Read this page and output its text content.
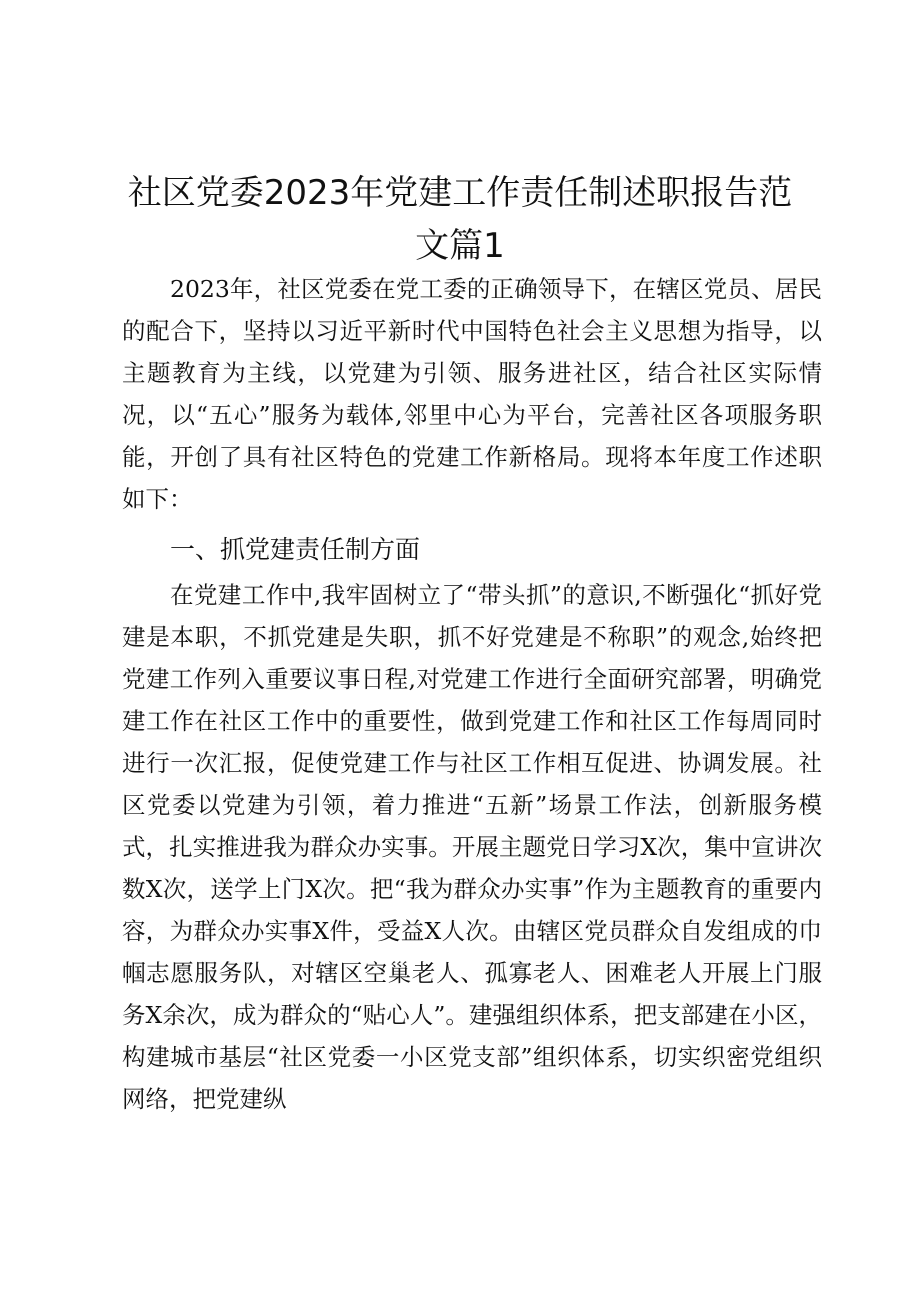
社区党委2023年党建工作责任制述职报告范
文篇1

2023年，社区党委在党工委的正确领导下，在辖区党员、居民的配合下，坚持以习近平新时代中国特色社会主义思想为指导，以主题教育为主线，以党建为引领、服务进社区，结合社区实际情况，以“五心”服务为载体,邻里中心为平台，完善社区各项服务职能，开创了具有社区特色的党建工作新格局。现将本年度工作述职如下：

一、抓党建责任制方面

在党建工作中,我牢固树立了“带头抓”的意识,不断强化“抓好党建是本职，不抓党建是失职，抓不好党建是不称职”的观念,始终把党建工作列入重要议事日程,对党建工作进行全面研究部署，明确党建工作在社区工作中的重要性，做到党建工作和社区工作每周同时进行一次汇报，促使党建工作与社区工作相互促进、协调发展。社区党委以党建为引领，着力推进“五新”场景工作法，创新服务模式，扎实推进我为群众办实事。开展主题党日学习X次，集中宣讲次数X次，送学上门X次。把“我为群众办实事”作为主题教育的重要内容，为群众办实事X件，受益X人次。由辖区党员群众自发组成的巾帼志愿服务队，对辖区空巢老人、孤寡老人、困难老人开展上门服务X余次，成为群众的“贴心人”。建强组织体系，把支部建在小区，构建城市基层“社区党委一小区党支部”组织体系，切实织密党组织网络，把党建纵
